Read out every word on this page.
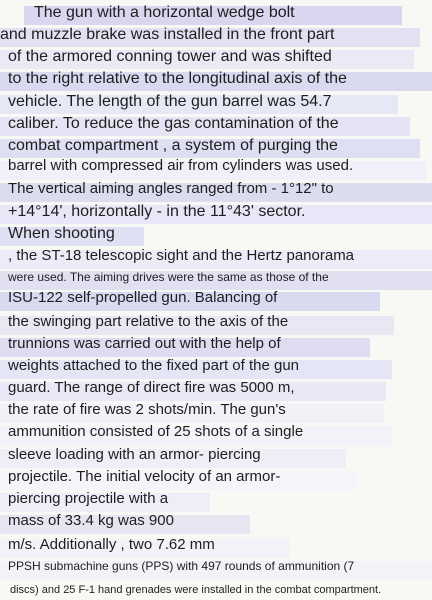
The gun with a horizontal wedge bolt
and muzzle brake was installed in the front part
of the armored conning tower and was shifted
to the right relative to the longitudinal axis of the
vehicle. The length of the gun barrel was 54.7
caliber. To reduce the gas contamination of the
combat compartment , a system of purging the
barrel with compressed air from cylinders was used.
The vertical aiming angles ranged from - 1°12" to
+14°14', horizontally - in the 11°43' sector.
When shooting
, the ST-18 telescopic sight and the Hertz panorama
were used. The aiming drives were the same as those of the
ISU-122 self-propelled gun. Balancing of
the swinging part relative to the axis of the
trunnions was carried out with the help of
weights attached to the fixed part of the gun
guard. The range of direct fire was 5000 m,
the rate of fire was 2 shots/min. The gun's
ammunition consisted of 25 shots of a single
sleeve loading with an armor- piercing
projectile. The initial velocity of an armor-
piercing projectile with a
mass of 33.4 kg was 900
m/s. Additionally , two 7.62 mm
PPSH submachine guns (PPS) with 497 rounds of ammunition (7
discs) and 25 F-1 hand grenades were installed in the combat compartment.
